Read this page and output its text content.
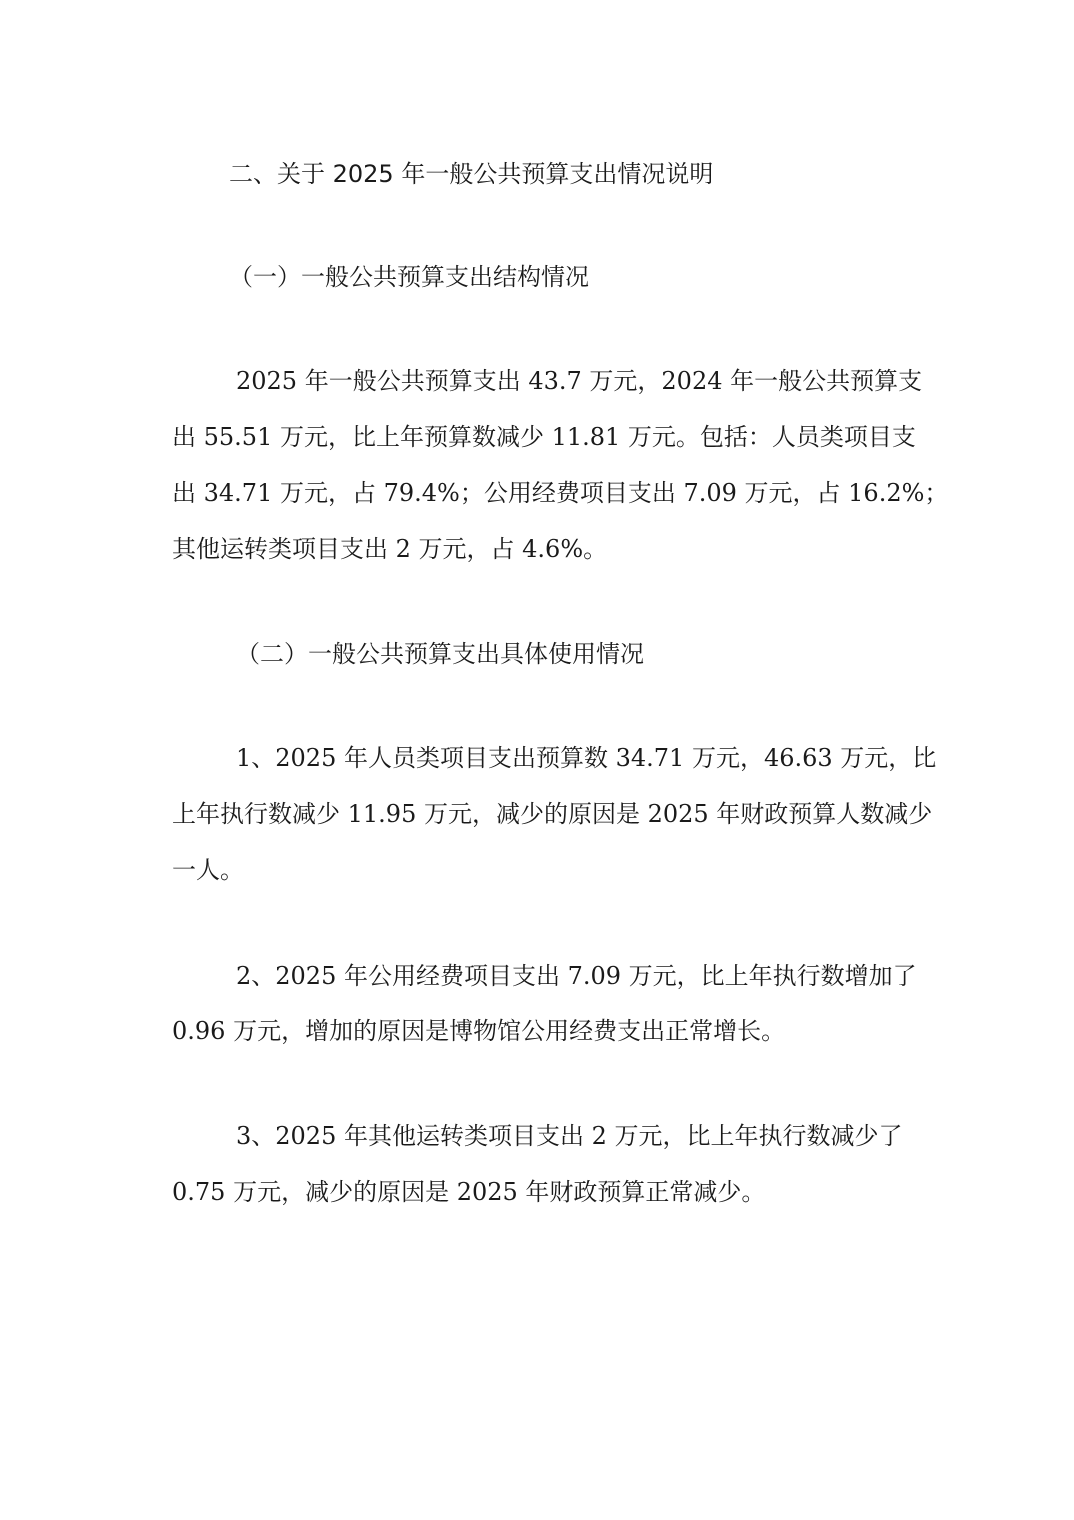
二、关于 2025 年一般公共预算支出情况说明

（一）一般公共预算支出结构情况

2025 年一般公共预算支出 43.7 万元，2024 年一般公共预算支

出 55.51 万元，比上年预算数减少 11.81 万元。包括：人员类项目支

出 34.71 万元，占 79.4%；公用经费项目支出 7.09 万元，占 16.2%；

其他运转类项目支出 2 万元，占 4.6%。

（二）一般公共预算支出具体使用情况

1、2025 年人员类项目支出预算数 34.71 万元，46.63 万元，比

上年执行数减少 11.95 万元，减少的原因是 2025 年财政预算人数减少

一人。

2、2025 年公用经费项目支出 7.09 万元，比上年执行数增加了

0.96 万元，增加的原因是博物馆公用经费支出正常增长。

3、2025 年其他运转类项目支出 2 万元，比上年执行数减少了

0.75 万元，减少的原因是 2025 年财政预算正常减少。
